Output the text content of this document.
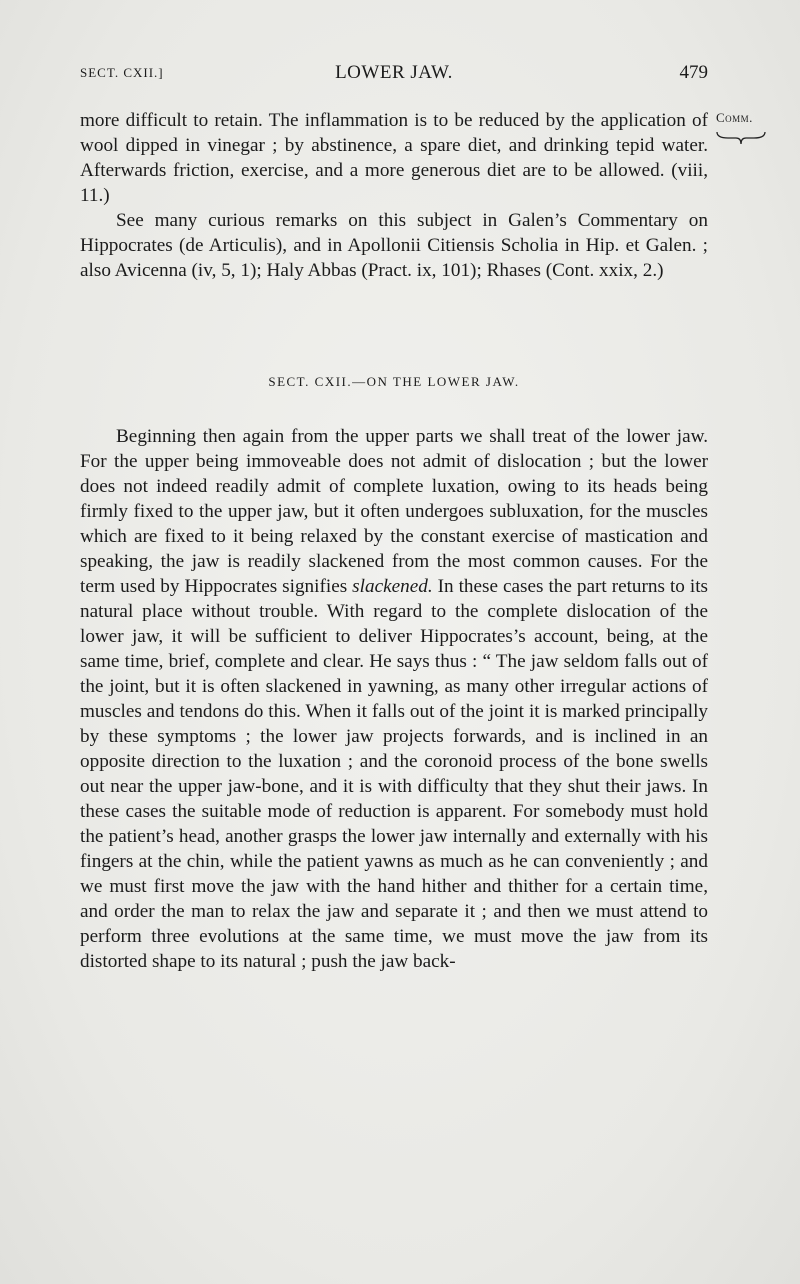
SECT. CXII.]	LOWER JAW.	479
Comm.

more difficult to retain. The inflammation is to be reduced by the application of wool dipped in vinegar ; by abstinence, a spare diet, and drinking tepid water. Afterwards friction, exercise, and a more generous diet are to be allowed. (viii, 11.)

See many curious remarks on this subject in Galen’s Commentary on Hippocrates (de Articulis), and in Apollonii Citiensis Scholia in Hip. et Galen. ; also Avicenna (iv, 5, 1); Haly Abbas (Pract. ix, 101); Rhases (Cont. xxix, 2.)

SECT. CXII.—ON THE LOWER JAW.

Beginning then again from the upper parts we shall treat of the lower jaw. For the upper being immoveable does not admit of dislocation ; but the lower does not indeed readily admit of complete luxation, owing to its heads being firmly fixed to the upper jaw, but it often undergoes subluxation, for the muscles which are fixed to it being relaxed by the constant exercise of mastication and speaking, the jaw is readily slackened from the most common causes. For the term used by Hippocrates signifies slackened. In these cases the part returns to its natural place without trouble. With regard to the complete dislocation of the lower jaw, it will be sufficient to deliver Hippocrates’s account, being, at the same time, brief, complete and clear. He says thus : “ The jaw seldom falls out of the joint, but it is often slackened in yawning, as many other irregular actions of muscles and tendons do this. When it falls out of the joint it is marked principally by these symptoms ; the lower jaw projects forwards, and is inclined in an opposite direction to the luxation ; and the coronoid process of the bone swells out near the upper jaw-bone, and it is with difficulty that they shut their jaws. In these cases the suitable mode of reduction is apparent. For somebody must hold the patient’s head, another grasps the lower jaw internally and externally with his fingers at the chin, while the patient yawns as much as he can conveniently ; and we must first move the jaw with the hand hither and thither for a certain time, and order the man to relax the jaw and separate it ; and then we must attend to perform three evolutions at the same time, we must move the jaw from its distorted shape to its natural ; push the jaw back-
